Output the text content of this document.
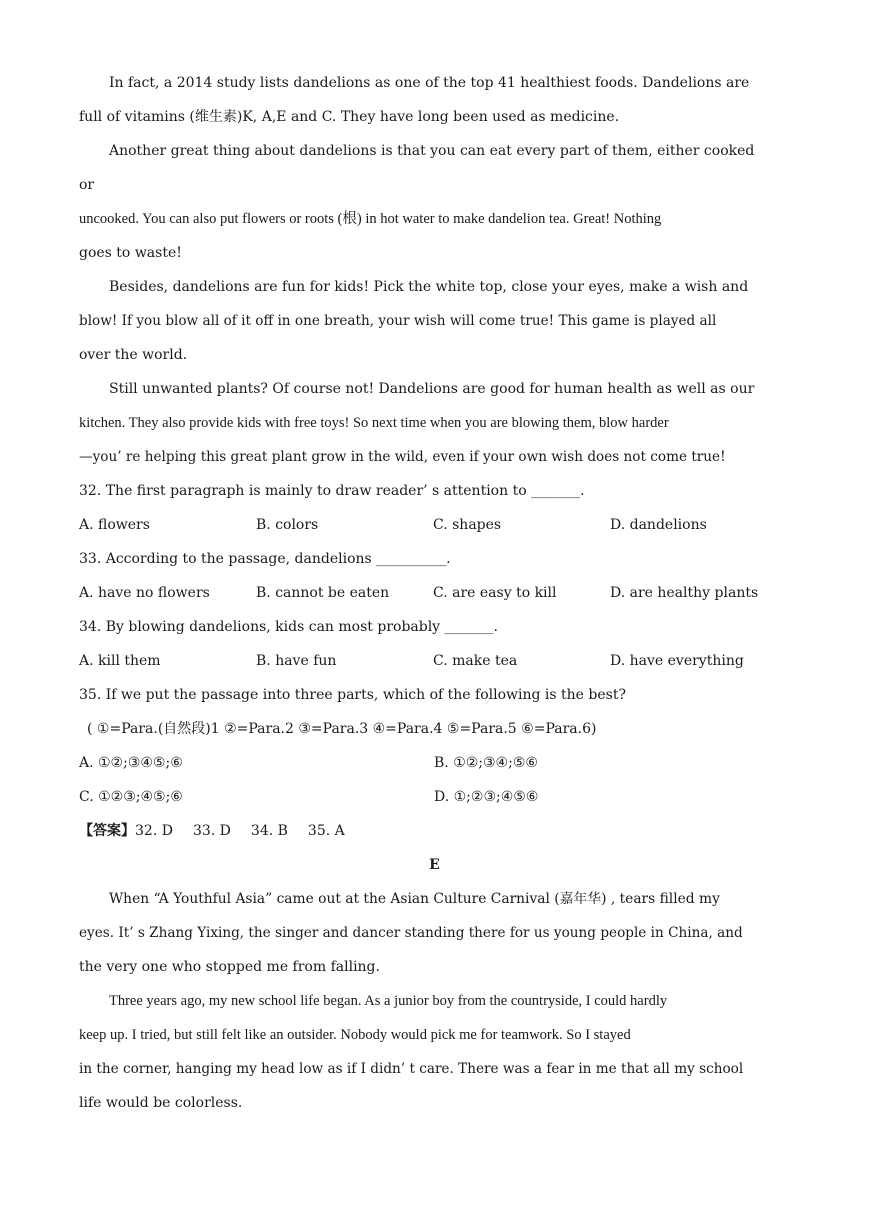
In fact, a 2014 study lists dandelions as one of the top 41 healthiest foods. Dandelions are
full of vitamins (维生素)K, A,E and C. They have long been used as medicine.
Another great thing about dandelions is that you can eat every part of them, either cooked
or
uncooked. You can also put flowers or roots (根) in hot water to make dandelion tea. Great! Nothing
goes to waste!
Besides, dandelions are fun for kids! Pick the white top, close your eyes, make a wish and
blow! If you blow all of it off in one breath, your wish will come true! This game is played all
over the world.
Still unwanted plants? Of course not! Dandelions are good for human health as well as our
kitchen. They also provide kids with free toys! So next time when you are blowing them, blow harder
—you’ re helping this great plant grow in the wild, even if your own wish does not come true!
32. The first paragraph is mainly to draw reader’ s attention to _______.
A. flowers	B. colors	C. shapes	D. dandelions
33. According to the passage, dandelions __________.
A. have no flowers	B. cannot be eaten	C. are easy to kill	D. are healthy plants
34. By blowing dandelions, kids can most probably _______.
A. kill them	B. have fun	C. make tea	D. have everything
35. If we put the passage into three parts, which of the following is the best?
( ①=Para.(自然段)1 ②=Para.2 ③=Para.3 ④=Para.4 ⑤=Para.5 ⑥=Para.6)
A. ①②;③④⑤;⑥	B. ①②;③④;⑤⑥
C. ①②③;④⑤;⑥	D. ①;②③;④⑤⑥
【答案】32. D 33. D 34. B 35. A
E
When “A Youthful Asia” came out at the Asian Culture Carnival (嘉年华) , tears filled my
eyes. It’ s Zhang Yixing, the singer and dancer standing there for us young people in China, and
the very one who stopped me from falling.
Three years ago, my new school life began. As a junior boy from the countryside, I could hardly
keep up. I tried, but still felt like an outsider. Nobody would pick me for teamwork. So I stayed
in the corner, hanging my head low as if I didn’ t care. There was a fear in me that all my school
life would be colorless.
